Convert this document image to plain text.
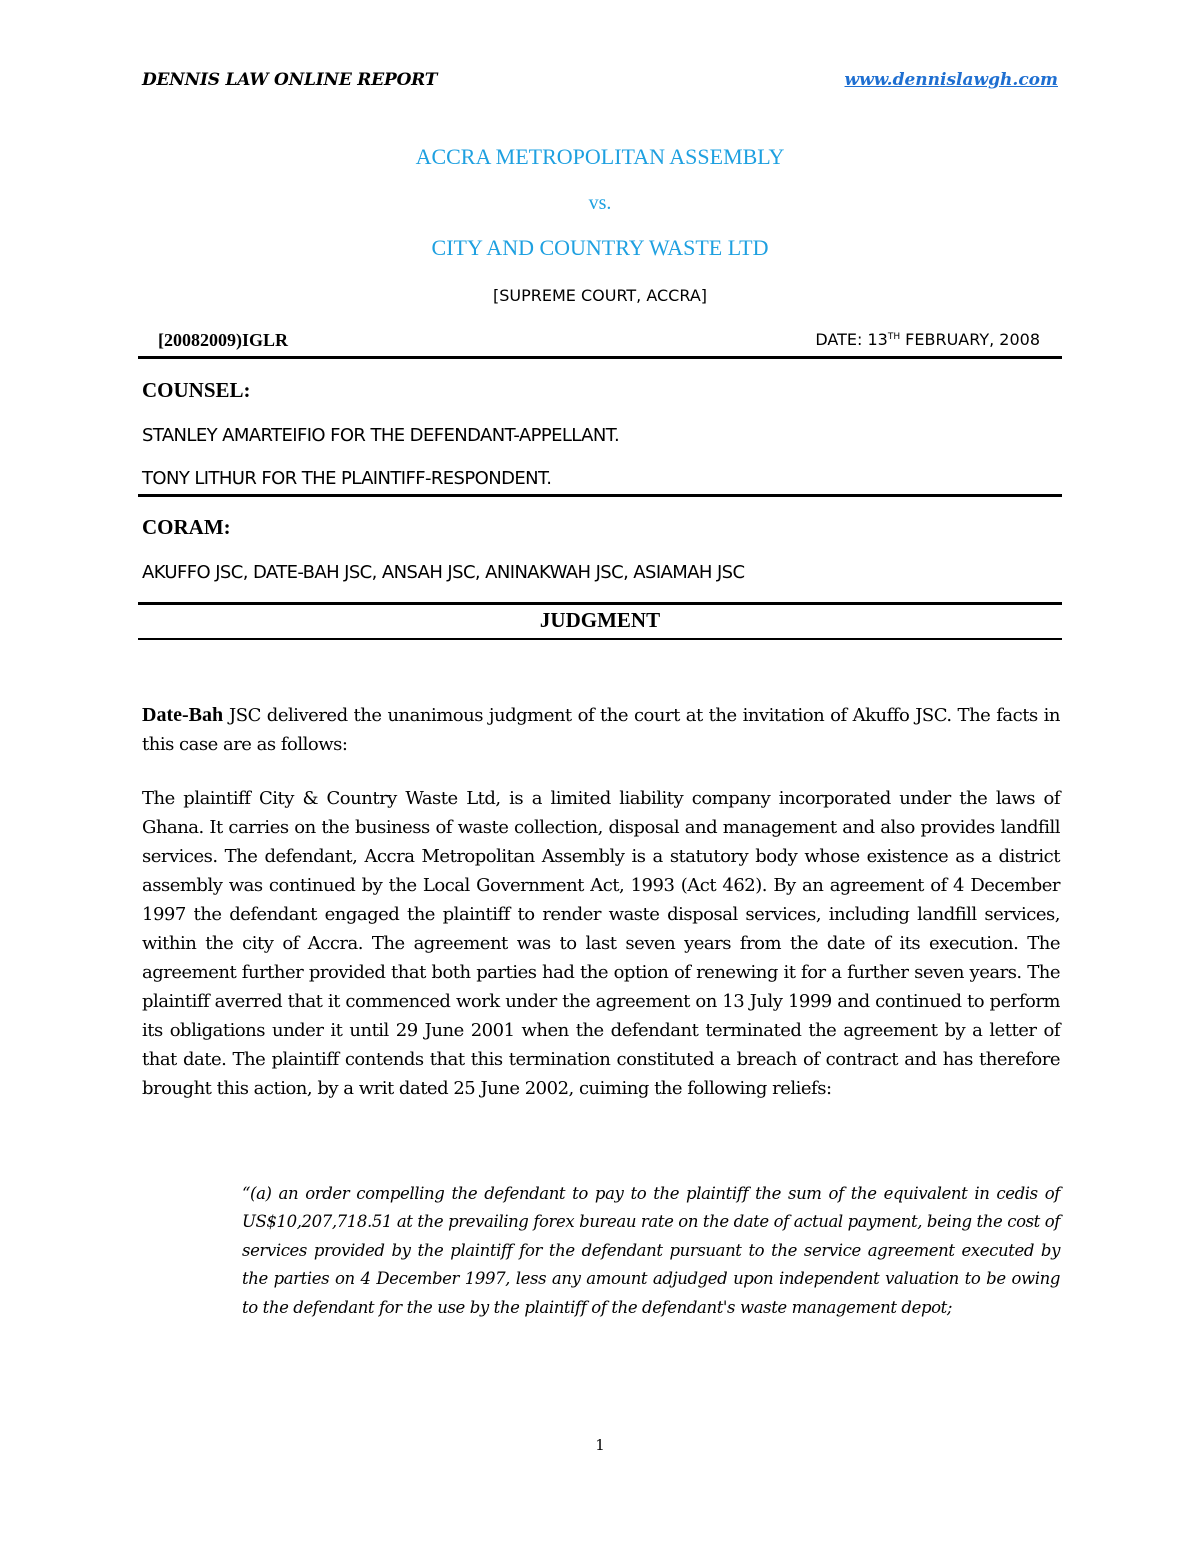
DENNIS LAW ONLINE REPORT	www.dennislawgh.com
ACCRA METROPOLITAN ASSEMBLY
vs.
CITY AND COUNTRY WASTE LTD
[SUPREME COURT, ACCRA]
[20082009)IGLR	DATE: 13TH FEBRUARY, 2008
COUNSEL:
STANLEY AMARTEIFIO FOR THE DEFENDANT-APPELLANT.
TONY LITHUR FOR THE PLAINTIFF-RESPONDENT.
CORAM:
AKUFFO JSC, DATE-BAH JSC, ANSAH JSC, ANINAKWAH JSC, ASIAMAH JSC
JUDGMENT
Date-Bah JSC delivered the unanimous judgment of the court at the invitation of Akuffo JSC. The facts in this case are as follows:
The plaintiff City & Country Waste Ltd, is a limited liability company incorporated under the laws of Ghana. It carries on the business of waste collection, disposal and management and also provides landfill services. The defendant, Accra Metropolitan Assembly is a statutory body whose existence as a district assembly was continued by the Local Government Act, 1993 (Act 462). By an agreement of 4 December 1997 the defendant engaged the plaintiff to render waste disposal services, including landfill services, within the city of Accra. The agreement was to last seven years from the date of its execution. The agreement further provided that both parties had the option of renewing it for a further seven years. The plaintiff averred that it commenced work under the agreement on 13 July 1999 and continued to perform its obligations under it until 29 June 2001 when the defendant terminated the agreement by a letter of that date. The plaintiff contends that this termination constituted a breach of contract and has therefore brought this action, by a writ dated 25 June 2002, cuiming the following reliefs:
“(a) an order compelling the defendant to pay to the plaintiff the sum of the equivalent in cedis of US$10,207,718.51 at the prevailing forex bureau rate on the date of actual payment, being the cost of services provided by the plaintiff for the defendant pursuant to the service agreement executed by the parties on 4 December 1997, less any amount adjudged upon independent valuation to be owing to the defendant for the use by the plaintiff of the defendant's waste management depot;
1
